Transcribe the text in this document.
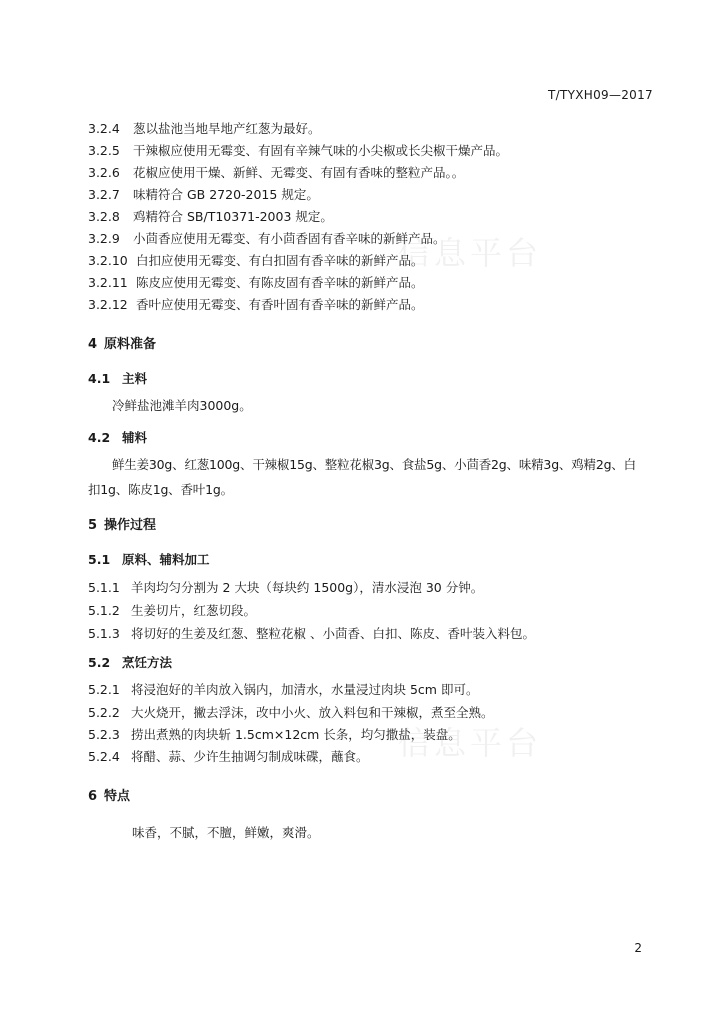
T/TYXH09—2017
信息平台
信息平台
3.2.4 葱以盐池当地旱地产红葱为最好。
3.2.5 干辣椒应使用无霉变、有固有辛辣气味的小尖椒或长尖椒干燥产品。
3.2.6 花椒应使用干燥、新鲜、无霉变、有固有香味的整粒产品。。
3.2.7 味精符合 GB 2720-2015 规定。
3.2.8 鸡精符合 SB/T10371-2003 规定。
3.2.9 小茴香应使用无霉变、有小茴香固有香辛味的新鲜产品。
3.2.10 白扣应使用无霉变、有白扣固有香辛味的新鲜产品。
3.2.11 陈皮应使用无霉变、有陈皮固有香辛味的新鲜产品。
3.2.12 香叶应使用无霉变、有香叶固有香辛味的新鲜产品。
4 原料准备
4.1 主料
冷鲜盐池滩羊肉3000g。
4.2 辅料
鲜生姜30g、红葱100g、干辣椒15g、整粒花椒3g、食盐5g、小茴香2g、味精3g、鸡精2g、白扣1g、陈皮1g、香叶1g。
5 操作过程
5.1 原料、辅料加工
5.1.1 羊肉均匀分割为 2 大块（每块约 1500g），清水浸泡 30 分钟。
5.1.2 生姜切片，红葱切段。
5.1.3 将切好的生姜及红葱、整粒花椒 、小茴香、白扣、陈皮、香叶装入料包。
5.2 烹饪方法
5.2.1 将浸泡好的羊肉放入锅内，加清水，水量浸过肉块 5cm 即可。
5.2.2 大火烧开，撇去浮沫，改中小火、放入料包和干辣椒，煮至全熟。
5.2.3 捞出煮熟的肉块斩 1.5cm×12cm 长条，均匀撒盐，装盘。
5.2.4 将醋、蒜、少许生抽调匀制成味碟，蘸食。
6 特点
味香，不腻，不膻，鲜嫩，爽滑。
2
